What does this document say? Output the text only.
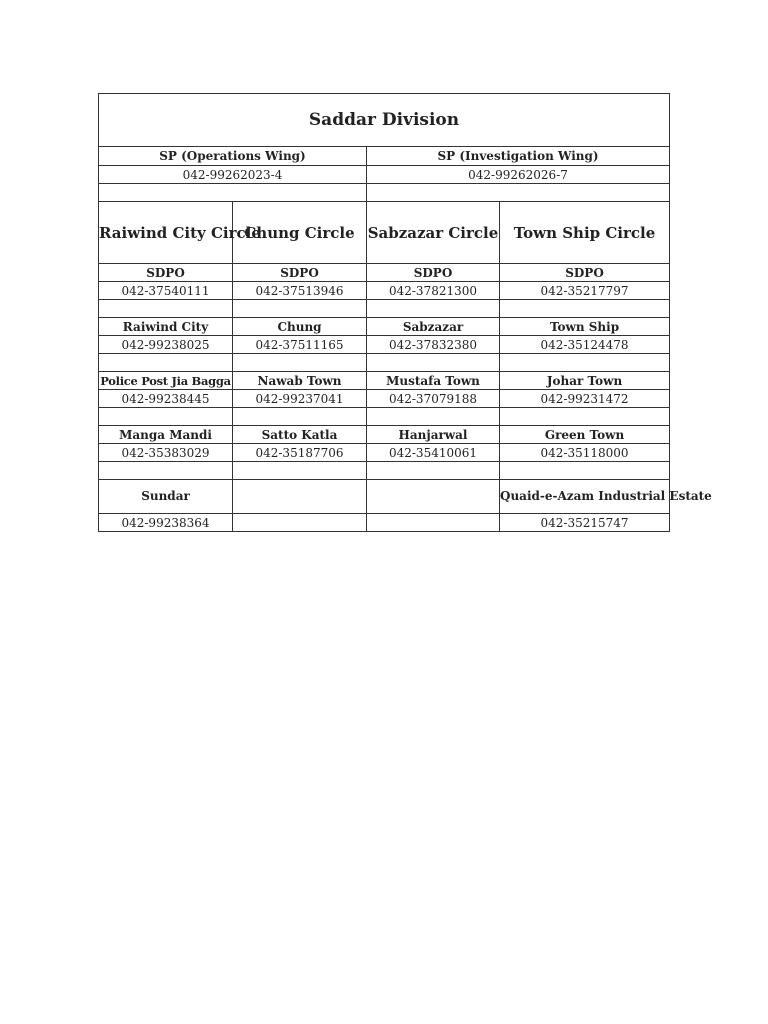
Saddar Division			
SP (Operations Wing)		SP (Investigation Wing)	
042-99262023-4		042-99262026-7	

Raiwind City Circle	Chung Circle	Sabzazar Circle	Town Ship Circle
SDPO	SDPO	SDPO	SDPO
042-37540111	042-37513946	042-37821300	042-35217797

Raiwind City	Chung	Sabzazar	Town Ship
042-99238025	042-37511165	042-37832380	042-35124478

Police Post Jia Bagga	Nawab Town	Mustafa Town	Johar Town
042-99238445	042-99237041	042-37079188	042-99231472

Manga Mandi	Satto Katla	Hanjarwal	Green Town
042-35383029	042-35187706	042-35410061	042-35118000

Sundar			Quaid-e-Azam Industrial Estate
042-99238364			042-35215747
